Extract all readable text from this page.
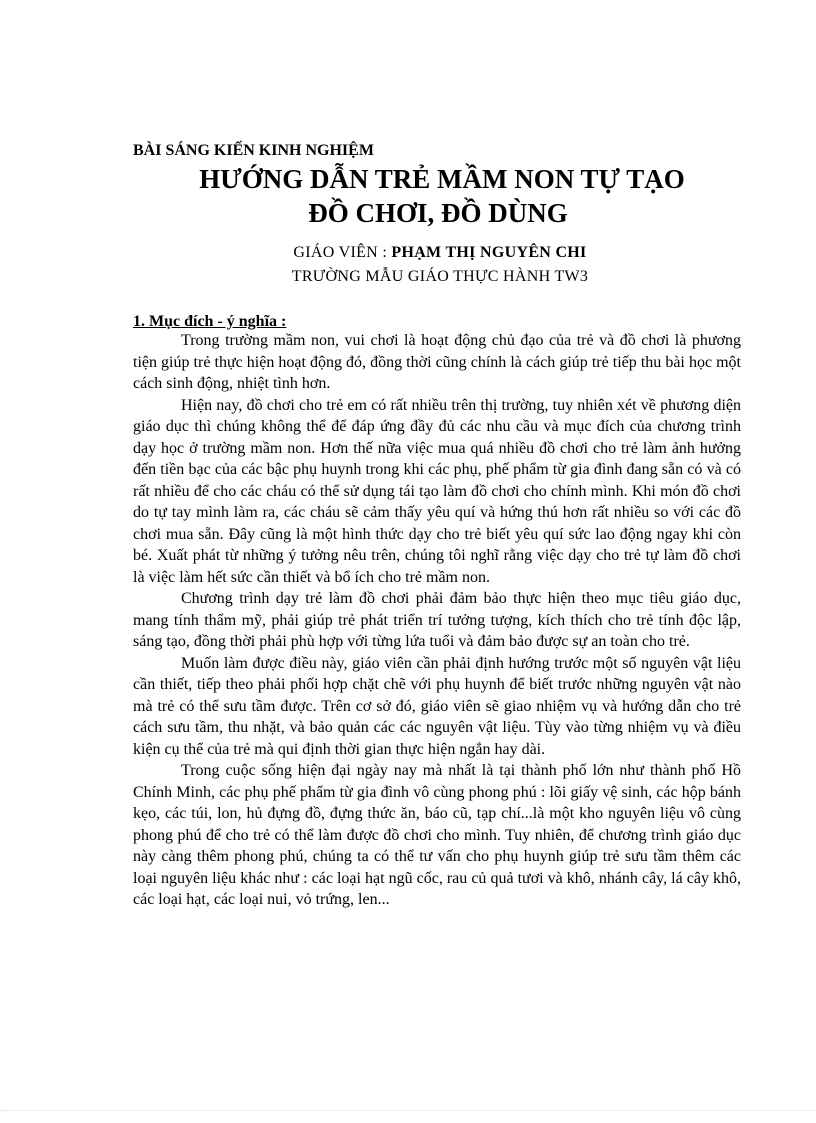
BÀI SÁNG KIẾN KINH NGHIỆM
HƯỚNG DẪN TRẺ MẦM NON TỰ TẠO
ĐỒ CHƠI, ĐỒ DÙNG
GIÁO VIÊN : PHẠM THỊ NGUYÊN CHI
TRƯỜNG MẪU GIÁO THỰC HÀNH TW3
1. Mục đích - ý nghĩa :

Trong trường mầm non, vui chơi là hoạt động chủ đạo của trẻ và đồ chơi là phương tiện giúp trẻ thực hiện hoạt động đó, đồng thời cũng chính là cách giúp trẻ tiếp thu bài học một cách sinh động, nhiệt tình hơn.

Hiện nay, đồ chơi cho trẻ em có rất nhiều trên thị trường, tuy nhiên xét về phương diện giáo dục thì chúng không thể để đáp ứng đầy đủ các nhu cầu và mục đích của chương trình dạy học ở trường mầm non. Hơn thế nữa việc mua quá nhiều đồ chơi cho trẻ làm ảnh hưởng đến tiền bạc của các bậc phụ huynh trong khi các phụ, phế phẩm từ gia đình đang sẵn có và có rất nhiều để cho các cháu có thể sử dụng tái tạo làm đồ chơi cho chính mình. Khi món đồ chơi do tự tay mình làm ra, các cháu sẽ cảm thấy yêu quí và hứng thú hơn rất nhiều so với các đồ chơi mua sẵn. Đây cũng là một hình thức dạy cho trẻ biết yêu quí sức lao động ngay khi còn bé. Xuất phát từ những ý tưởng nêu trên, chúng tôi nghĩ rằng việc dạy cho trẻ tự làm đồ chơi là việc làm hết sức cần thiết và bổ ích cho trẻ mầm non.

Chương trình dạy trẻ làm đồ chơi phải đảm bảo thực hiện theo mục tiêu giáo dục, mang tính thẩm mỹ, phải giúp trẻ phát triển trí tưởng tượng, kích thích cho trẻ tính độc lập, sáng tạo, đồng thời phải phù hợp với từng lứa tuổi và đảm bảo được sự an toàn cho trẻ.

Muốn làm được điều này, giáo viên cần phải định hướng trước một số nguyên vật liệu cần thiết, tiếp theo phải phối hợp chặt chẽ với phụ huynh để biết trước những nguyên vật nào mà trẻ có thể sưu tầm được. Trên cơ sở đó, giáo viên sẽ giao nhiệm vụ và hướng dẫn cho trẻ cách sưu tầm, thu nhặt, và bảo quản các các nguyên vật liệu. Tùy vào từng nhiệm vụ và điều kiện cụ thể của trẻ mà qui định thời gian thực hiện ngắn hay dài.

Trong cuộc sống hiện đại ngày nay mà nhất là tại thành phố lớn như thành phố Hồ Chính Minh, các phụ phế phẩm từ gia đình vô cùng phong phú : lõi giấy vệ sinh, các hộp bánh kẹo, các túi, lon, hủ đựng đồ, đựng thức ăn, báo cũ, tạp chí...là một kho nguyên liệu vô cùng phong phú để cho trẻ có thể làm được đồ chơi cho mình. Tuy nhiên, để chương trình giáo dục này càng thêm phong phú, chúng ta có thể tư vấn cho phụ huynh giúp trẻ sưu tầm thêm các loại nguyên liệu khác như : các loại hạt ngũ cốc, rau củ quả tươi và khô, nhánh cây, lá cây khô, các loại hạt, các loại nui, vỏ trứng, len...
